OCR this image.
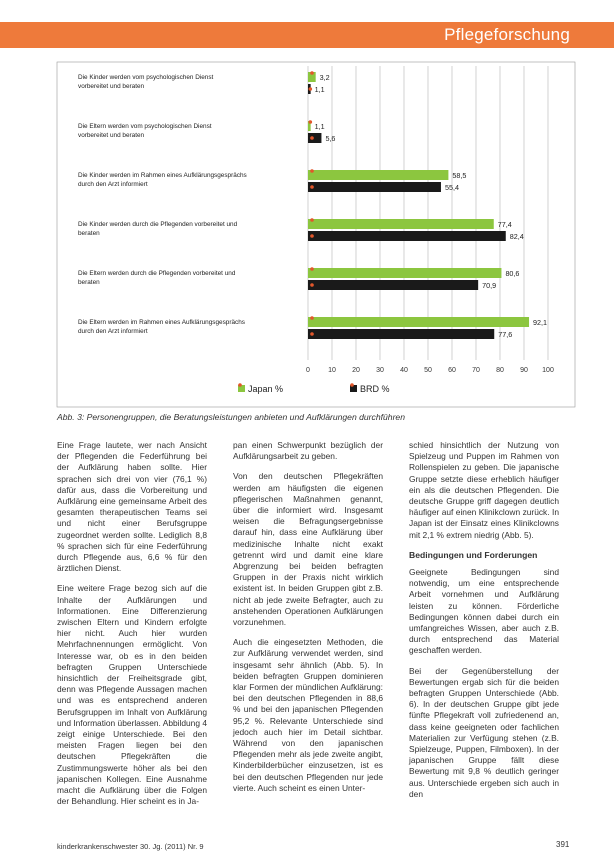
Pflegeforschung
Die Kinder werden vom psychologischen Dienst
vorbereitet und beraten
Die Eltern werden vom psychologischen Dienst
vorbereitet und beraten
Die Kinder werden im Rahmen eines Aufklärungsgesprächs
durch den Arzt informiert
Die Kinder werden durch die Pflegenden vorbereitet und
beraten
Die Eltern werden durch die Pflegenden vorbereitet und
beraten
Die Eltern werden im Rahmen eines Aufklärungsgesprächs
durch den Arzt informiert
3,2
1,1
1,1
5,6
58,5
55,4
77,4
82,4
80,6
70,9
92,1
77,6
0	10 20 30 40 50 60 70 80 90 100
Japan %	BRD %
Abb. 3: Personengruppen, die Beratungsleistungen anbieten und Aufklärungen durchführen

Eine Frage lautete, wer nach Ansicht der Pflegenden die Federführung bei der Aufklärung haben sollte. Hier sprachen sich drei von vier (76,1 %) dafür aus, dass die Vorbereitung und Aufklärung eine gemeinsame Arbeit des gesamten therapeutischen Teams sei und nicht einer Berufsgruppe zugeordnet werden sollte. Lediglich 8,8 % sprachen sich für eine Federführung durch Pflegende aus, 6,6 % für den ärztlichen Dienst.

Eine weitere Frage bezog sich auf die Inhalte der Aufklärungen und Informationen. Eine Differenzierung zwischen Eltern und Kindern erfolgte hier nicht. Auch hier wurden Mehrfachnennungen ermöglicht. Von Interesse war, ob es in den beiden befragten Gruppen Unterschiede hinsichtlich der Freiheitsgrade gibt, denn was Pflegende Aussagen machen und was es entsprechend anderen Berufsgruppen im Inhalt von Aufklärung und Information überlassen. Abbildung 4 zeigt einige Unterschiede. Bei den meisten Fragen liegen bei den deutschen Pflegekräften die Zustimmungswerte höher als bei den japanischen Kollegen. Eine Ausnahme macht die Aufklärung über die Folgen der Behandlung. Hier scheint es in Ja-

pan einen Schwerpunkt bezüglich der Aufklärungsarbeit zu geben.

Von den deutschen Pflegekräften werden am häufigsten die eigenen pflegerischen Maßnahmen genannt, über die informiert wird. Insgesamt weisen die Befragungsergebnisse darauf hin, dass eine Aufklärung über medizinische Inhalte nicht exakt getrennt wird und damit eine klare Abgrenzung bei beiden befragten Gruppen in der Praxis nicht wirklich existent ist. In beiden Gruppen gibt z.B. nicht ab jede zweite Befragter, auch zu anstehenden Operationen Aufklärungen vorzunehmen.

Auch die eingesetzten Methoden, die zur Aufklärung verwendet werden, sind insgesamt sehr ähnlich (Abb. 5). In beiden befragten Gruppen dominieren klar Formen der mündlichen Aufklärung: bei den deutschen Pflegenden in 88,6 % und bei den japanischen Pflegenden 95,2 %. Relevante Unterschiede sind jedoch auch hier im Detail sichtbar. Während von den japanischen Pflegenden mehr als jede zweite angibt, Kinderbilderbücher einzusetzen, ist es bei den deutschen Pflegenden nur jede vierte. Auch scheint es einen Unter-

schied hinsichtlich der Nutzung von Spielzeug und Puppen im Rahmen von Rollenspielen zu geben. Die japanische Gruppe setzte diese erheblich häufiger ein als die deutschen Pflegenden. Die deutsche Gruppe griff dagegen deutlich häufiger auf einen Klinikclown zurück. In Japan ist der Einsatz eines Klinikclowns mit 2,1 % extrem niedrig (Abb. 5).

Bedingungen und Forderungen

Geeignete Bedingungen sind notwendig, um eine entsprechende Arbeit vornehmen und Aufklärung leisten zu können. Förderliche Bedingungen können dabei durch ein umfangreiches Wissen, aber auch z.B. durch entsprechend das Material geschaffen werden.

Bei der Gegenüberstellung der Bewertungen ergab sich für die beiden befragten Gruppen Unterschiede (Abb. 6). In der deutschen Gruppe gibt jede fünfte Pflegekraft voll zufriedenend an, dass keine geeigneten oder fachlichen Materialien zur Verfügung stehen (z.B. Spielzeuge, Puppen, Filmboxen). In der japanischen Gruppe fällt diese Bewertung mit 9,8 % deutlich geringer aus. Unterschiede ergeben sich auch in den

kinderkrankenschwester 30. Jg. (2011) Nr. 9	391
